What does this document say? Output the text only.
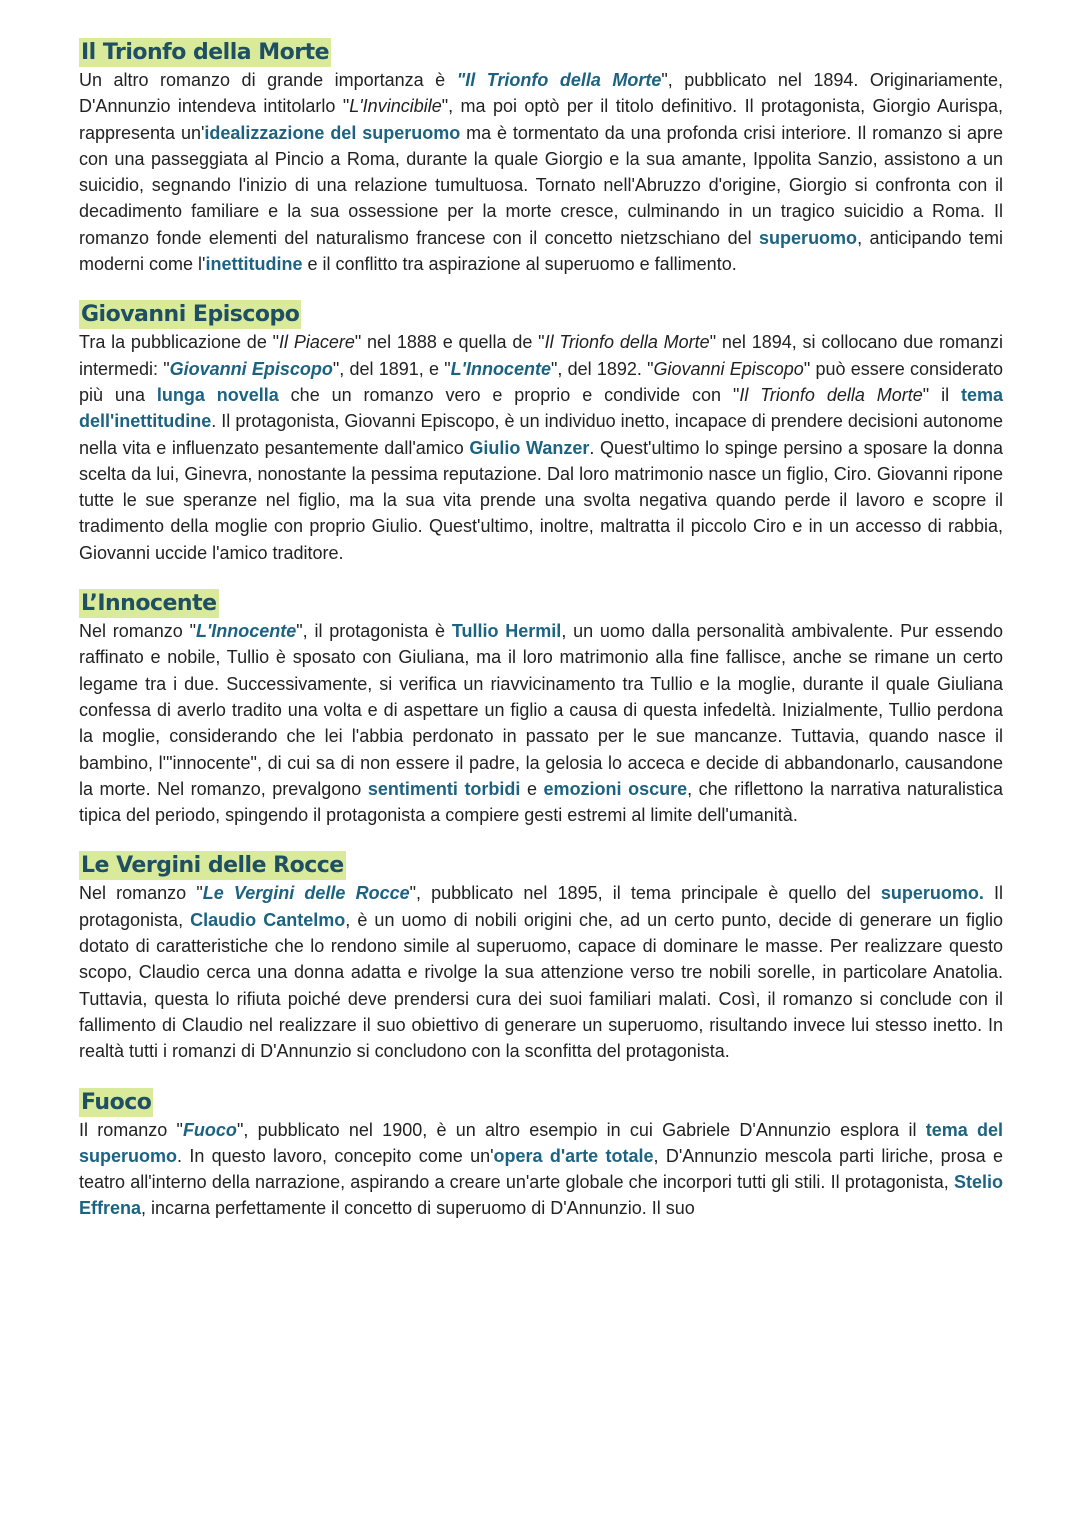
Il Trionfo della Morte

Un altro romanzo di grande importanza è "Il Trionfo della Morte", pubblicato nel 1894. Originariamente, D'Annunzio intendeva intitolarlo "L'Invincibile", ma poi optò per il titolo definitivo. Il protagonista, Giorgio Aurispa, rappresenta un'idealizzazione del superuomo ma è tormentato da una profonda crisi interiore. Il romanzo si apre con una passeggiata al Pincio a Roma, durante la quale Giorgio e la sua amante, Ippolita Sanzio, assistono a un suicidio, segnando l'inizio di una relazione tumultuosa. Tornato nell'Abruzzo d'origine, Giorgio si confronta con il decadimento familiare e la sua ossessione per la morte cresce, culminando in un tragico suicidio a Roma. Il romanzo fonde elementi del naturalismo francese con il concetto nietzschiano del superuomo, anticipando temi moderni come l'inettitudine e il conflitto tra aspirazione al superuomo e fallimento.

Giovanni Episcopo

Tra la pubblicazione de "Il Piacere" nel 1888 e quella de "Il Trionfo della Morte" nel 1894, si collocano due romanzi intermedi: "Giovanni Episcopo", del 1891, e "L'Innocente", del 1892. "Giovanni Episcopo" può essere considerato più una lunga novella che un romanzo vero e proprio e condivide con "Il Trionfo della Morte" il tema dell'inettitudine. Il protagonista, Giovanni Episcopo, è un individuo inetto, incapace di prendere decisioni autonome nella vita e influenzato pesantemente dall'amico Giulio Wanzer. Quest'ultimo lo spinge persino a sposare la donna scelta da lui, Ginevra, nonostante la pessima reputazione. Dal loro matrimonio nasce un figlio, Ciro. Giovanni ripone tutte le sue speranze nel figlio, ma la sua vita prende una svolta negativa quando perde il lavoro e scopre il tradimento della moglie con proprio Giulio. Quest'ultimo, inoltre, maltratta il piccolo Ciro e in un accesso di rabbia, Giovanni uccide l'amico traditore.

L’Innocente

Nel romanzo "L'Innocente", il protagonista è Tullio Hermil, un uomo dalla personalità ambivalente. Pur essendo raffinato e nobile, Tullio è sposato con Giuliana, ma il loro matrimonio alla fine fallisce, anche se rimane un certo legame tra i due. Successivamente, si verifica un riavvicinamento tra Tullio e la moglie, durante il quale Giuliana confessa di averlo tradito una volta e di aspettare un figlio a causa di questa infedeltà. Inizialmente, Tullio perdona la moglie, considerando che lei l'abbia perdonato in passato per le sue mancanze. Tuttavia, quando nasce il bambino, l'"innocente", di cui sa di non essere il padre, la gelosia lo acceca e decide di abbandonarlo, causandone la morte. Nel romanzo, prevalgono sentimenti torbidi e emozioni oscure, che riflettono la narrativa naturalistica tipica del periodo, spingendo il protagonista a compiere gesti estremi al limite dell'umanità.

Le Vergini delle Rocce

Nel romanzo "Le Vergini delle Rocce", pubblicato nel 1895, il tema principale è quello del superuomo. Il protagonista, Claudio Cantelmo, è un uomo di nobili origini che, ad un certo punto, decide di generare un figlio dotato di caratteristiche che lo rendono simile al superuomo, capace di dominare le masse. Per realizzare questo scopo, Claudio cerca una donna adatta e rivolge la sua attenzione verso tre nobili sorelle, in particolare Anatolia. Tuttavia, questa lo rifiuta poiché deve prendersi cura dei suoi familiari malati. Così, il romanzo si conclude con il fallimento di Claudio nel realizzare il suo obiettivo di generare un superuomo, risultando invece lui stesso inetto. In realtà tutti i romanzi di D'Annunzio si concludono con la sconfitta del protagonista.

Fuoco

Il romanzo "Fuoco", pubblicato nel 1900, è un altro esempio in cui Gabriele D'Annunzio esplora il tema del superuomo. In questo lavoro, concepito come un'opera d'arte totale, D'Annunzio mescola parti liriche, prosa e teatro all'interno della narrazione, aspirando a creare un'arte globale che incorpori tutti gli stili. Il protagonista, Stelio Effrena, incarna perfettamente il concetto di superuomo di D'Annunzio. Il suo
